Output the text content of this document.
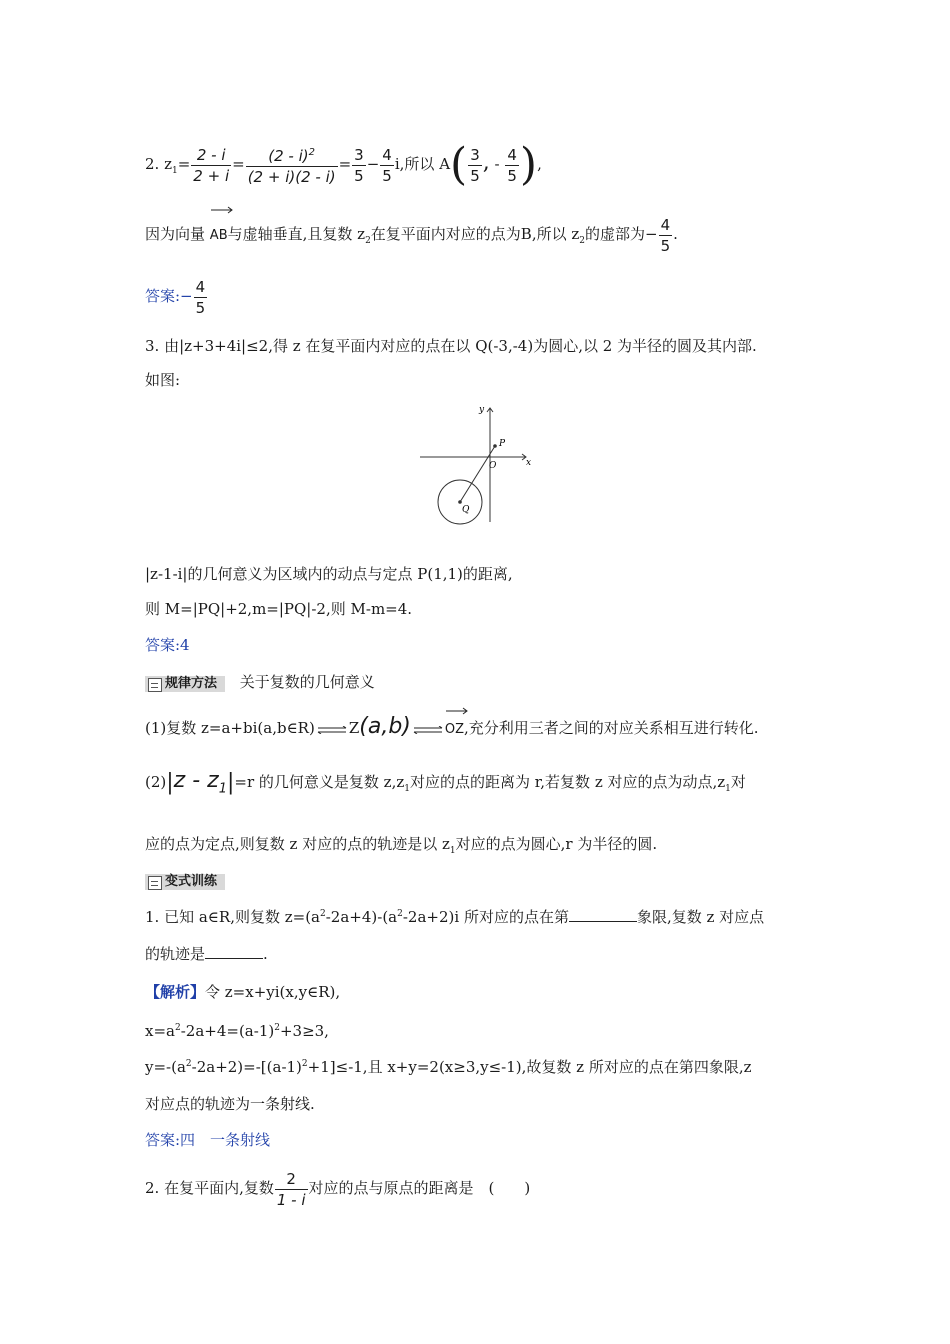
2. $z_1= \frac{2 - i}{2 + i} = \frac{(2 - i)^2}{(2 + i)(2 - i)} = \frac{3}{5} - \frac{4}{5} i$,所以 $A( \frac{3}{5}$ , - $\frac{4}{5}$ ),
因为向量 AB与虚轴垂直,且复数 $z_2$在复平面内对应的点为B,所以 $z_2$的虚部为− $\frac{4}{5}$ .
答案:− $\frac{4}{5}$
3. 由|z+3+4i|≤2,得 z 在复平面内对应的点在以 Q(-3,-4)为圆心,以 2 为半径的圆及其内部.
如图:
y
x
O
P
Q
|z-1-i|的几何意义为区域内的动点与定点 P(1,1)的距离,
则 M=|PQ|+2,m=|PQ|-2,则 M-m=4.
答案:4
规律方法 关于复数的几何意义
(1)复数 z=a+bi(a,b∈R) Z(a,b)	OZ,充分利用三者之间的对应关系相互进行转化.
$(2)|z - z_1|=r$ 的几何意义是复数 $z,z_1$对应的点的距离为 r,若复数 z 对应的点为动点$,z_1$对
应的点为定点,则复数 z 对应的点的轨迹是以 $z_1$对应的点为圆心,r 为半径的圆.
变式训练
1. 已知 a∈R,则复数 $z=(a^2-2a+4)-(a^2-2a+2)i$ 所对应的点在第	象限,复数 z 对应点
的轨迹是	.
【解析】令 z=x+yi(x,y∈R),
$x=a^2-2a+4=(a-1)^2+3\ge 3$,
$y=-(a^2-2a+2)=-[(a-1)^2+1]\le-1$,且 x+y=2(x≥3,y≤-1),故复数 z 所对应的点在第四象限,z
对应点的轨迹为一条射线.
答案:四　一条射线
2. 在复平面内,复数 $\frac{2}{1 - i}$ 对应的点与原点的距离是　(　　)
